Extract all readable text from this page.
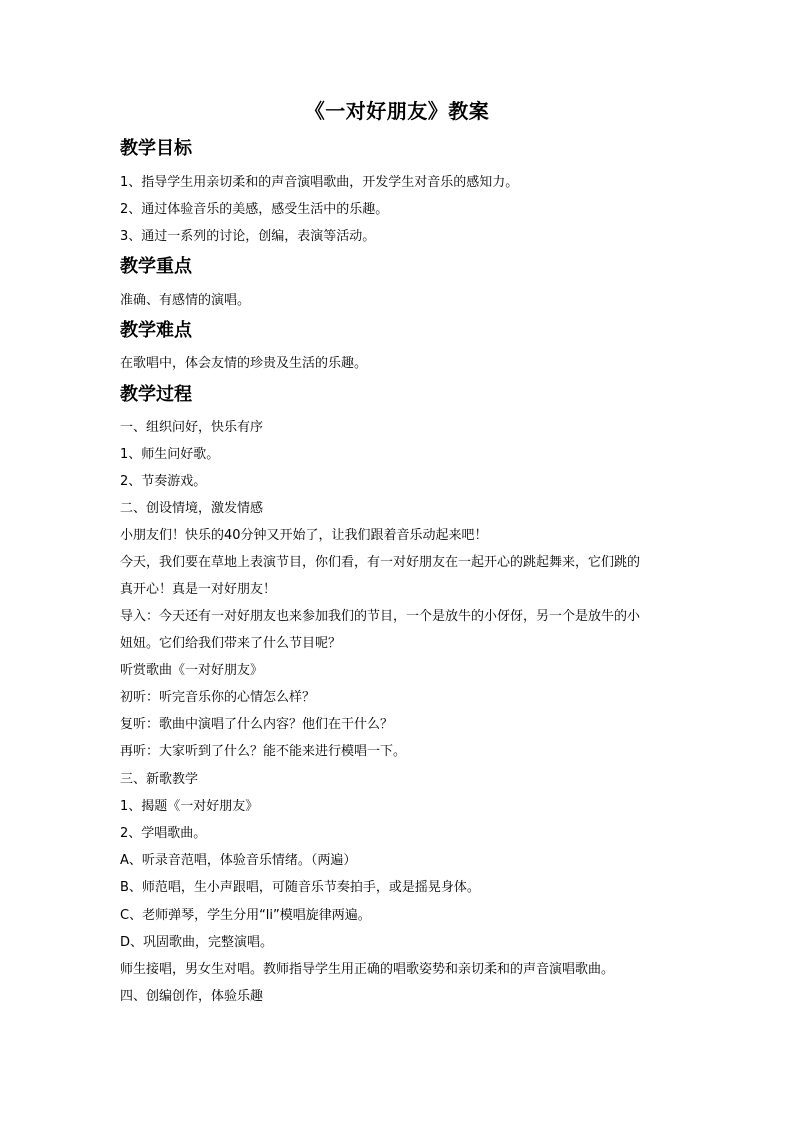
《一对好朋友》教案
教学目标
1、指导学生用亲切柔和的声音演唱歌曲，开发学生对音乐的感知力。
2、通过体验音乐的美感，感受生活中的乐趣。
3、通过一系列的讨论，创编，表演等活动。
教学重点
准确、有感情的演唱。
教学难点
在歌唱中，体会友情的珍贵及生活的乐趣。
教学过程
一、组织问好，快乐有序
1、师生问好歌。
2、节奏游戏。
二、创设情境，激发情感
小朋友们！快乐的40分钟又开始了，让我们跟着音乐动起来吧！
今天，我们要在草地上表演节目，你们看，有一对好朋友在一起开心的跳起舞来，它们跳的
真开心！真是一对好朋友！
导入：今天还有一对好朋友也来参加我们的节目，一个是放牛的小伢伢，另一个是放牛的小
妞妞。它们给我们带来了什么节目呢？
听赏歌曲《一对好朋友》
初听：听完音乐你的心情怎么样？
复听：歌曲中演唱了什么内容？他们在干什么？
再听：大家听到了什么？能不能来进行模唱一下。
三、新歌教学
1、揭题《一对好朋友》
2、学唱歌曲。
A、听录音范唱，体验音乐情绪。（两遍）
B、师范唱，生小声跟唱，可随音乐节奏拍手，或是摇晃身体。
C、老师弹琴，学生分用“li”模唱旋律两遍。
D、巩固歌曲，完整演唱。
师生接唱，男女生对唱。教师指导学生用正确的唱歌姿势和亲切柔和的声音演唱歌曲。
四、创编创作，体验乐趣
